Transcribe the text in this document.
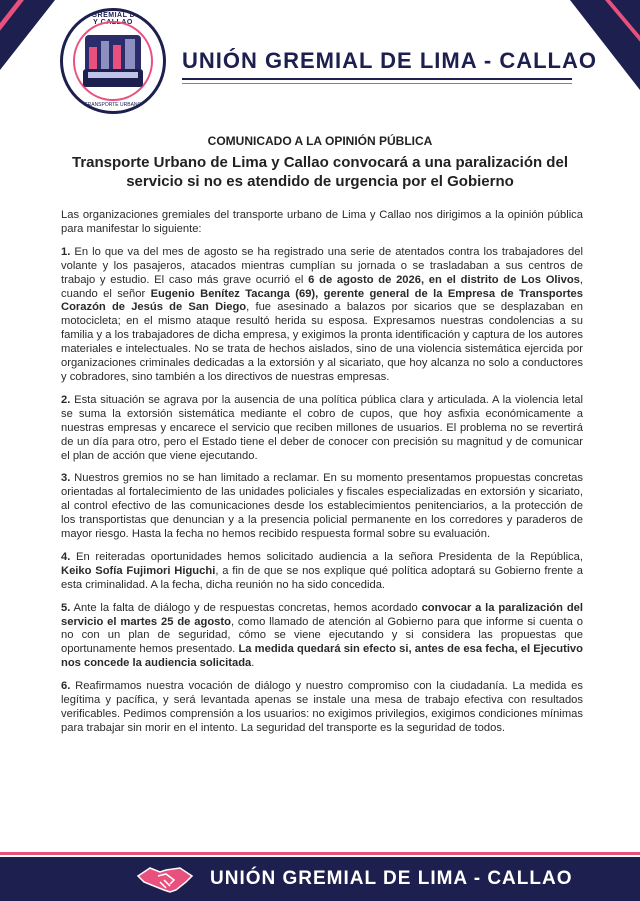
UNIÓN GREMIAL DE LIMA Y CALLAO
TRANSPORTE URBANO
UNIÓN GREMIAL DE LIMA - CALLAO
COMUNICADO A LA OPINIÓN PÚBLICA
Transporte Urbano de Lima y Callao convocará a una paralización del servicio si no es atendido de urgencia por el Gobierno

Las organizaciones gremiales del transporte urbano de Lima y Callao nos dirigimos a la opinión pública para manifestar lo siguiente:

1. En lo que va del mes de agosto se ha registrado una serie de atentados contra los trabajadores del volante y los pasajeros, atacados mientras cumplían su jornada o se trasladaban a sus centros de trabajo y estudio. El caso más grave ocurrió el 6 de agosto de 2026, en el distrito de Los Olivos, cuando el señor Eugenio Benítez Tacanga (69), gerente general de la Empresa de Transportes Corazón de Jesús de San Diego, fue asesinado a balazos por sicarios que se desplazaban en motocicleta; en el mismo ataque resultó herida su esposa. Expresamos nuestras condolencias a su familia y a los trabajadores de dicha empresa, y exigimos la pronta identificación y captura de los autores materiales e intelectuales. No se trata de hechos aislados, sino de una violencia sistemática ejercida por organizaciones criminales dedicadas a la extorsión y al sicariato, que hoy alcanza no solo a conductores y cobradores, sino también a los directivos de nuestras empresas.

2. Esta situación se agrava por la ausencia de una política pública clara y articulada. A la violencia letal se suma la extorsión sistemática mediante el cobro de cupos, que hoy asfixia económicamente a nuestras empresas y encarece el servicio que reciben millones de usuarios. El problema no se revertirá de un día para otro, pero el Estado tiene el deber de conocer con precisión su magnitud y de comunicar el plan de acción que viene ejecutando.

3. Nuestros gremios no se han limitado a reclamar. En su momento presentamos propuestas concretas orientadas al fortalecimiento de las unidades policiales y fiscales especializadas en extorsión y sicariato, al control efectivo de las comunicaciones desde los establecimientos penitenciarios, a la protección de los transportistas que denuncian y a la presencia policial permanente en los corredores y paraderos de mayor riesgo. Hasta la fecha no hemos recibido respuesta formal sobre su evaluación.

4. En reiteradas oportunidades hemos solicitado audiencia a la señora Presidenta de la República, Keiko Sofía Fujimori Higuchi, a fin de que se nos explique qué política adoptará su Gobierno frente a esta criminalidad. A la fecha, dicha reunión no ha sido concedida.

5. Ante la falta de diálogo y de respuestas concretas, hemos acordado convocar a la paralización del servicio el martes 25 de agosto, como llamado de atención al Gobierno para que informe si cuenta o no con un plan de seguridad, cómo se viene ejecutando y si considera las propuestas que oportunamente hemos presentado. La medida quedará sin efecto si, antes de esa fecha, el Ejecutivo nos concede la audiencia solicitada.

6. Reafirmamos nuestra vocación de diálogo y nuestro compromiso con la ciudadanía. La medida es legítima y pacífica, y será levantada apenas se instale una mesa de trabajo efectiva con resultados verificables. Pedimos comprensión a los usuarios: no exigimos privilegios, exigimos condiciones mínimas para trabajar sin morir en el intento. La seguridad del transporte es la seguridad de todos.

UNIÓN GREMIAL DE LIMA - CALLAO
